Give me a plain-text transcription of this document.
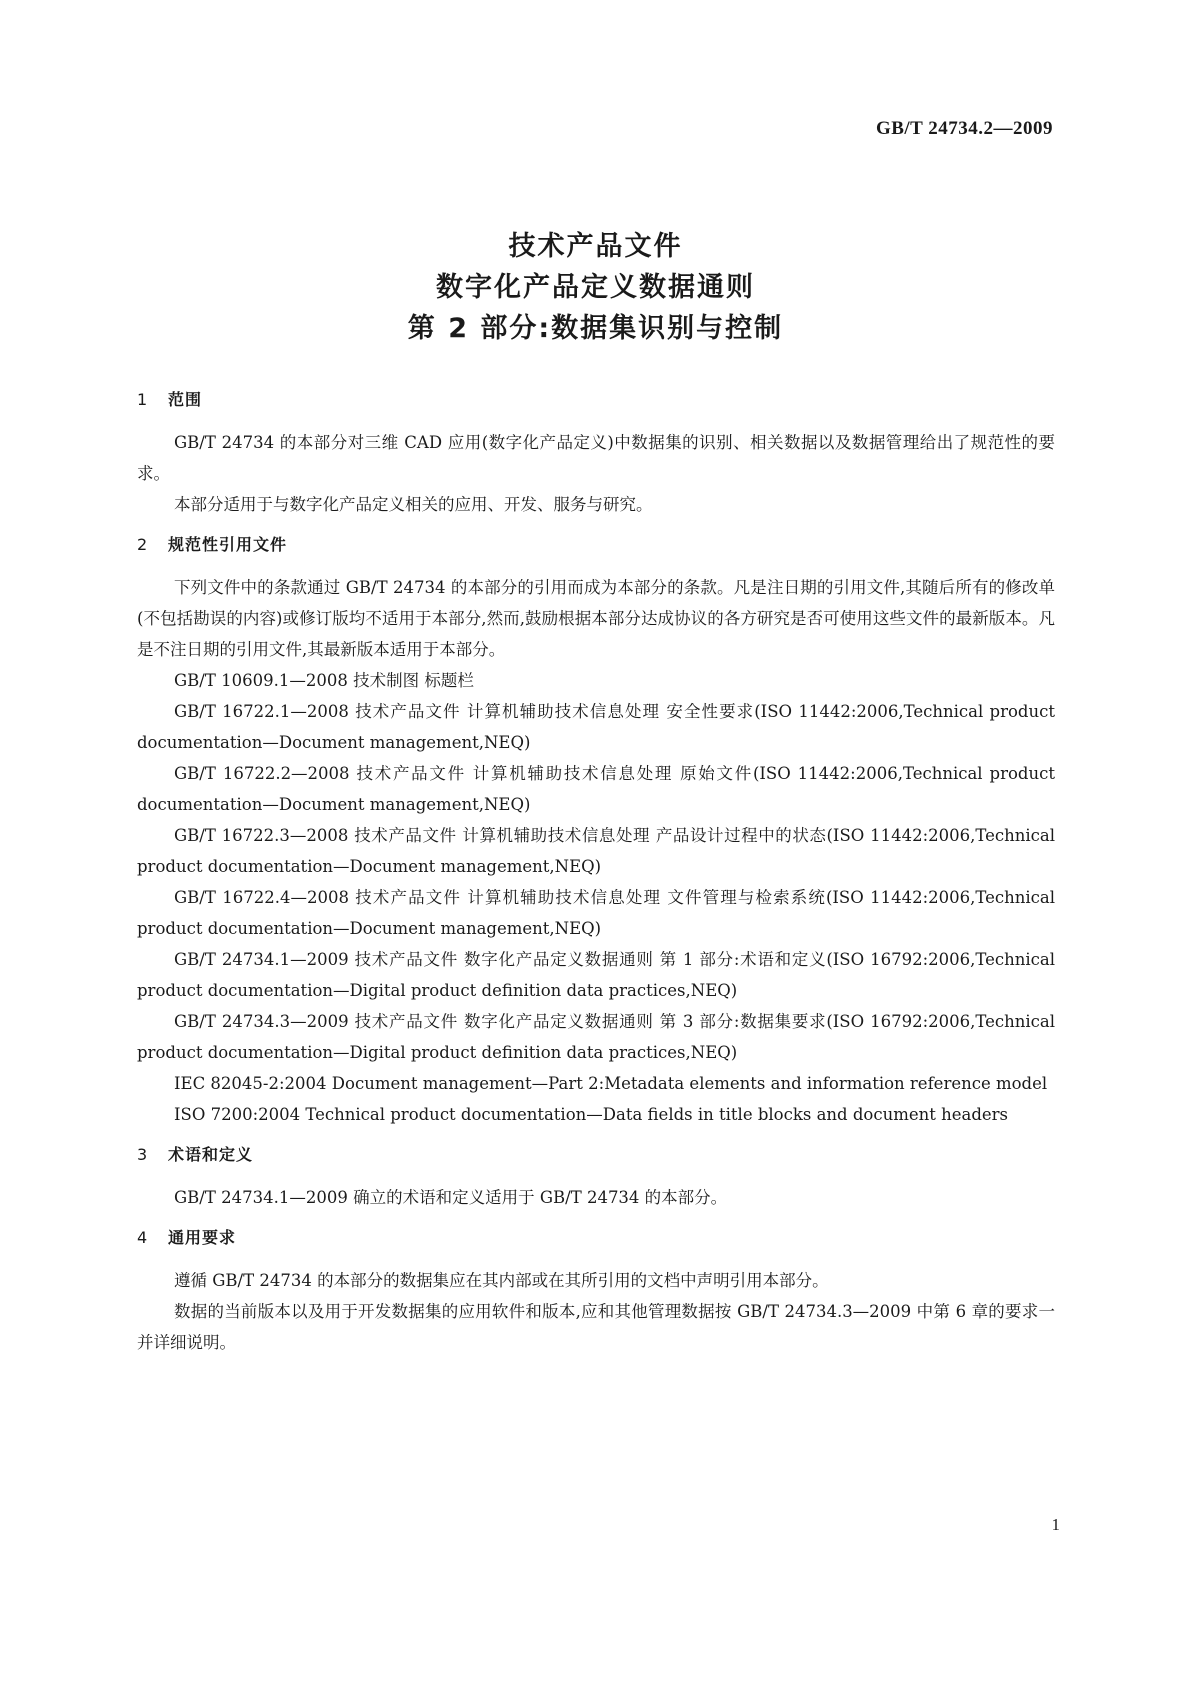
GB/T 24734.2—2009
技术产品文件
数字化产品定义数据通则
第 2 部分:数据集识别与控制
1 范围

GB/T 24734 的本部分对三维 CAD 应用(数字化产品定义)中数据集的识别、相关数据以及数据管理给出了规范性的要求。

本部分适用于与数字化产品定义相关的应用、开发、服务与研究。

2 规范性引用文件

下列文件中的条款通过 GB/T 24734 的本部分的引用而成为本部分的条款。凡是注日期的引用文件,其随后所有的修改单(不包括勘误的内容)或修订版均不适用于本部分,然而,鼓励根据本部分达成协议的各方研究是否可使用这些文件的最新版本。凡是不注日期的引用文件,其最新版本适用于本部分。

GB/T 10609.1—2008 技术制图 标题栏

GB/T 16722.1—2008 技术产品文件 计算机辅助技术信息处理 安全性要求(ISO 11442:2006,Technical product documentation—Document management,NEQ)

GB/T 16722.2—2008 技术产品文件 计算机辅助技术信息处理 原始文件(ISO 11442:2006,Technical product documentation—Document management,NEQ)

GB/T 16722.3—2008 技术产品文件 计算机辅助技术信息处理 产品设计过程中的状态(ISO 11442:2006,Technical product documentation—Document management,NEQ)

GB/T 16722.4—2008 技术产品文件 计算机辅助技术信息处理 文件管理与检索系统(ISO 11442:2006,Technical product documentation—Document management,NEQ)

GB/T 24734.1—2009 技术产品文件 数字化产品定义数据通则 第 1 部分:术语和定义(ISO 16792:2006,Technical product documentation—Digital product definition data practices,NEQ)

GB/T 24734.3—2009 技术产品文件 数字化产品定义数据通则 第 3 部分:数据集要求(ISO 16792:2006,Technical product documentation—Digital product definition data practices,NEQ)

IEC 82045-2:2004 Document management—Part 2:Metadata elements and information reference model

ISO 7200:2004 Technical product documentation—Data fields in title blocks and document headers

3 术语和定义

GB/T 24734.1—2009 确立的术语和定义适用于 GB/T 24734 的本部分。

4 通用要求

遵循 GB/T 24734 的本部分的数据集应在其内部或在其所引用的文档中声明引用本部分。

数据的当前版本以及用于开发数据集的应用软件和版本,应和其他管理数据按 GB/T 24734.3—2009 中第 6 章的要求一并详细说明。

1
